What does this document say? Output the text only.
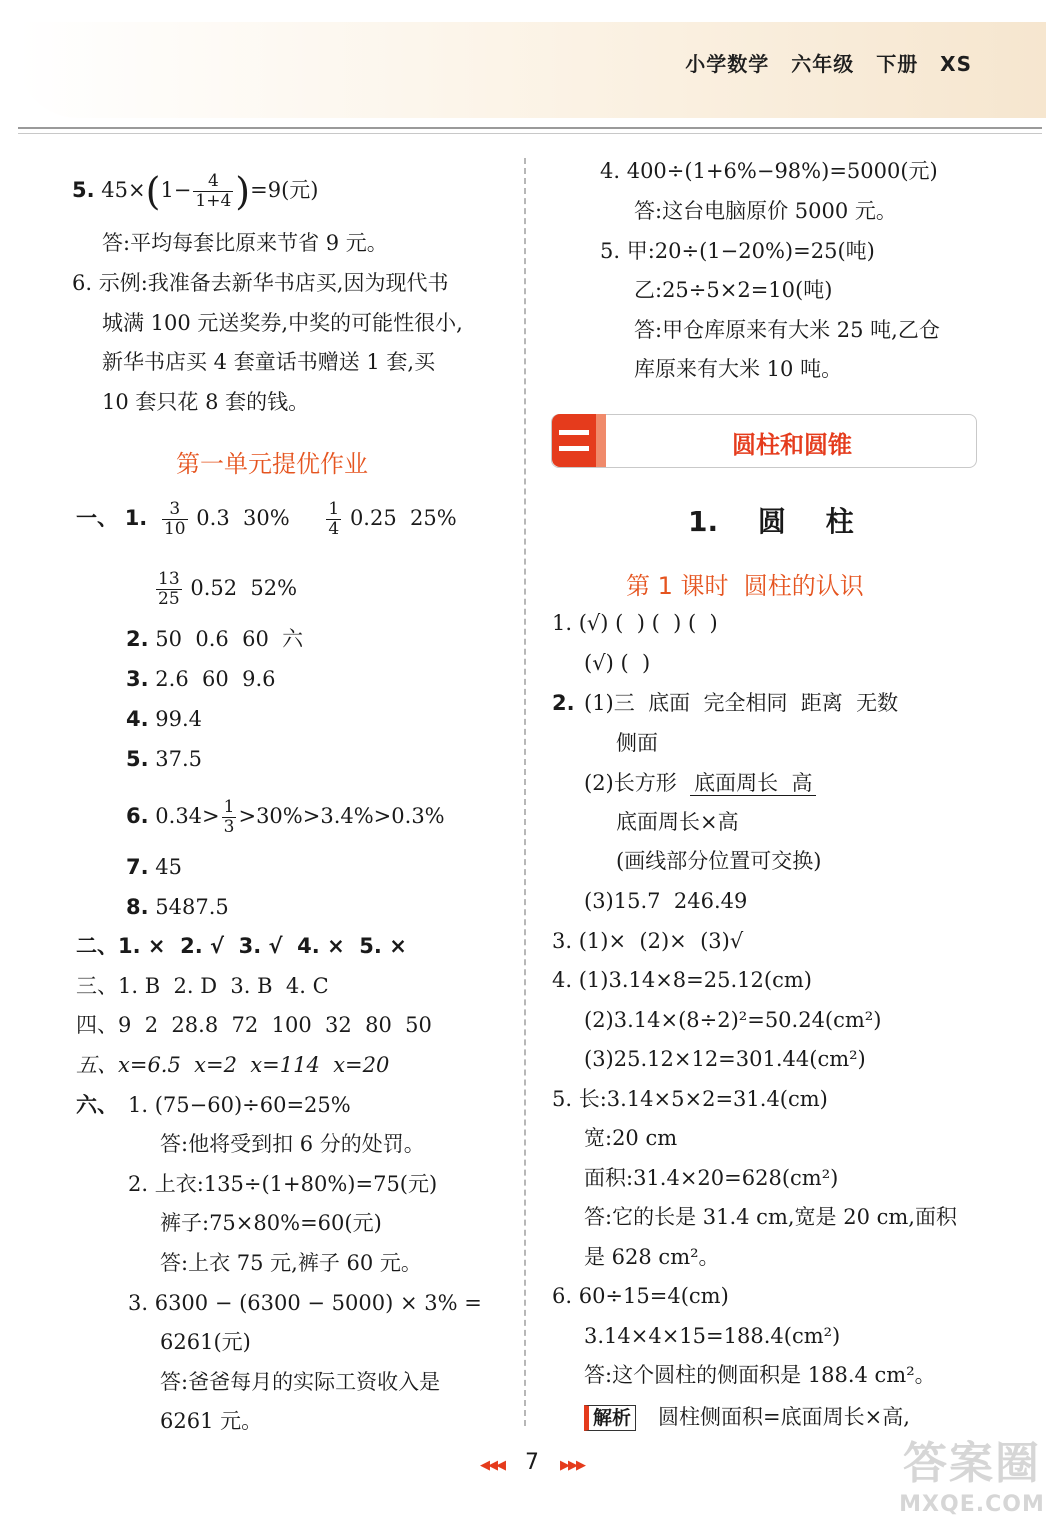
小学数学 六年级 下册 XS
5. $45\times(1- \frac{4}{1+4} )=9$(元)
答:平均每套比原来节省 9 元。
6. 示例:我准备去新华书店买,因为现代书
城满 100 元送奖券,中奖的可能性很小,
新华书店买 4 套童话书赠送 1 套,买
10 套只花 8 套的钱。
第一单元提优作业
一、 1. $\frac{3}{10} 0.3$  $30\% \frac{1}{4} 0.25$  25%
$\frac{13}{25} 0.52$  52%
2. 50  0.6  60  六
3. 2.6  60  9.6
4. 99.4
5. 37.5
6. $0.34> \frac{1}{3} >30\%>3.4\%>0.3\%$
7. 45
8. 5487.5
二、1. ×  2. √  3. √  4. ×  5. ×
三、1. B  2. D  3. B  4. C
四、9  2  28.8  72  100  32  80  50
五、x=6.5  x=2  x=114  x=20
六、 1. (75−60)÷60=25%
答:他将受到扣 6 分的处罚。
2. 上衣:135÷(1+80%)=75(元)
裤子:75×80%=60(元)
答:上衣 75 元,裤子 60 元。
3. 6300 − (6300 − 5000) × 3% =
6261(元)
答:爸爸每月的实际工资收入是
6261 元。
4. 400÷(1+6%−98%)=5000(元)
答:这台电脑原价 5000 元。
5. 甲:20÷(1−20%)=25(吨)
乙:25÷5×2=10(吨)
答:甲仓库原来有大米 25 吨,乙仓
库原来有大米 10 吨。
圆柱和圆锥
1. 圆 柱
第 1 课时  圆柱的认识
1. (√) (  ) (  ) (  )
(√) (  )
2. (1)三  底面  完全相同  距离  无数
侧面
(2)长方形 底面周长  高
底面周长×高
(画线部分位置可交换)
(3)15.7  246.49
3. (1)×  (2)×  (3)√
4. (1)3.14×8=25.12(cm)
(2)3.14×(8÷2)²=50.24(cm²)
(3)25.12×12=301.44(cm²)
5. 长:3.14×5×2=31.4(cm)
宽:20 cm
面积:31.4×20=628(cm²)
答:它的长是 31.4 cm,宽是 20 cm,面积
是 628 cm²。
6. 60÷15=4(cm)
3.14×4×15=188.4(cm²)
答:这个圆柱的侧面积是 188.4 cm²。
解析 圆柱侧面积=底面周长×高,
◀◀◀ 7 ▶▶▶	答案圈
MXQE.COM
